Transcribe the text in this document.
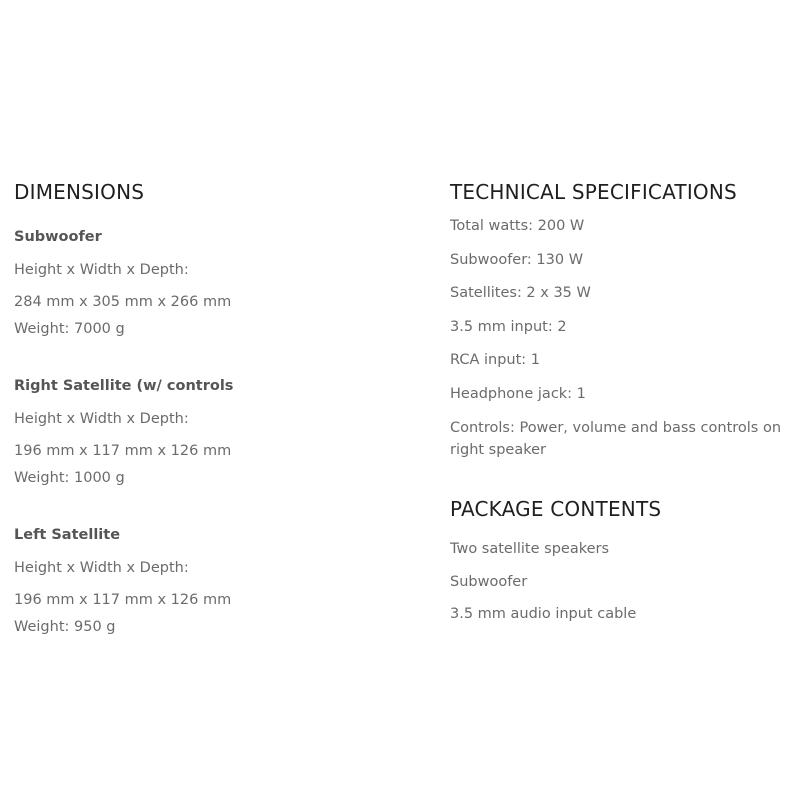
DIMENSIONS

Subwoofer

Height x Width x Depth:

284 mm x 305 mm x 266 mm

Weight: 7000 g

Right Satellite (w/ controls

Height x Width x Depth:

196 mm x 117 mm x 126 mm

Weight: 1000 g

Left Satellite

Height x Width x Depth:

196 mm x 117 mm x 126 mm

Weight: 950 g

TECHNICAL SPECIFICATIONS

Total watts: 200 W

Subwoofer: 130 W

Satellites: 2 x 35 W

3.5 mm input: 2

RCA input: 1

Headphone jack: 1

Controls: Power, volume and bass controls on right speaker

PACKAGE CONTENTS

Two satellite speakers

Subwoofer

3.5 mm audio input cable
